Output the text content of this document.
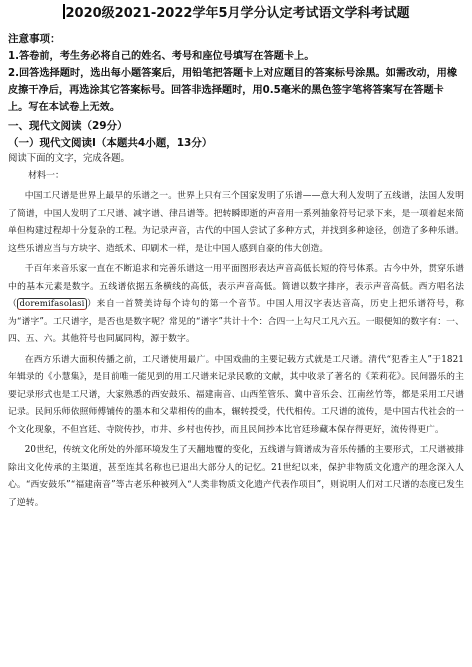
2020级2021-2022学年5月学分认定考试语文学科考试题
注意事项：

1.答卷前，考生务必将自己的姓名、考号和座位号填写在答题卡上。

2.回答选择题时，选出每小题答案后，用铅笔把答题卡上对应题目的答案标号涂黑。如需改动，用橡皮擦干净后，再选涂其它答案标号。回答非选择题时，用0.5毫米的黑色签字笔将答案写在答题卡上。写在本试卷上无效。

一、现代文阅读（29分）
（一）现代文阅读Ⅰ（本题共4小题，13分）
阅读下面的文字，完成各题。
材料一：

中国工尺谱是世界上最早的乐谱之一。世界上只有三个国家发明了乐谱——意大利人发明了五线谱，法国人发明了简谱，中国人发明了工尺谱、减字谱、律吕谱等。把转瞬即逝的声音用一系列抽象符号记录下来，是一项着起来简单但构建过程却十分复杂的工程。为记录声音，古代的中国人尝试了多种方式，并找到多种途径，创造了多种乐谱。这些乐谱应当与方块字、造纸术、印刷术一样，是让中国人感到自豪的伟大创造。

千百年来音乐家一直在不断追求和完善乐谱这一用平面图形表达声音高低长短的符号体系。古今中外，贯穿乐谱中的基本元素是数字。五线谱依据五条横线的高低，表示声音高低。简谱以数字排序，表示声音高低。西方唱名法（ doremifasolasi ）来自一首赞美诗每个诗句的第一个音节。中国人用汉字表达音高，历史上把乐谱符号，称为“谱字”。工尺谱字，是否也是数字呢？常见的“谱字”共计十个：合四一上勾尺工凡六五。一眼便知的数字有：一、四、五、六。其他符号也同属同构，源于数字。

在西方乐谱大面积传播之前，工尺谱使用最广。中国戏曲的主要记载方式就是工尺谱。清代“犯香主人”于1821年辑录的《小慧集》，是目前唯一能见到的用工尺谱来记录民歌的文献，其中收录了著名的《茉莉花》。民间器乐的主要记录形式也是工尺谱，大家熟悉的西安鼓乐、福建南音、山西笙管乐、冀中音乐会、江南丝竹等，都是采用工尺谱记录。民间乐师依照师傅铺传的墨本和父辈相传的曲本，辗转授受，代代相传。工尺谱的流传，是中国古代社会的一个文化现象，不但宫廷、寺院传抄，市井、乡村也传抄，而且民间抄本比官廷珍藏本保存得更好，流传得更广。

20世纪，传统文化所处的外部环境发生了天翻地覆的变化，五线谱与简谱成为音乐传播的主要形式，工尺谱被排除出文化传承的主渠道，甚至连其名称也已退出大部分人的记忆。21世纪以来，保护非物质文化遗产的理念深入人心。“西安鼓乐”“福建南音”等古老乐种被列入“人类非物质文化遗产代表作项目”，则说明人们对工尺谱的态度已发生了逆转。
